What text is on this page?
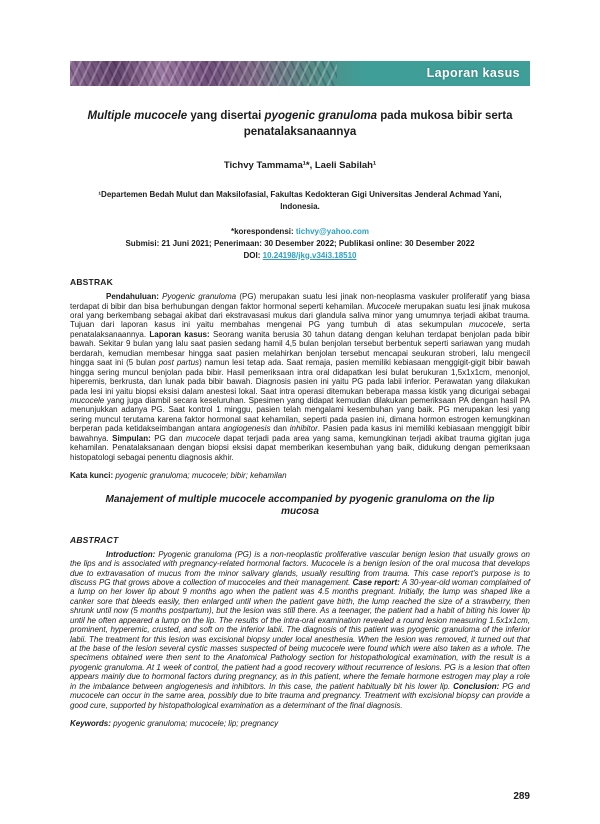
Laporan kasus
Multiple mucocele yang disertai pyogenic granuloma pada mukosa bibir serta penatalaksanaannya
Tichvy Tammama¹*, Laeli Sabilah¹
¹Departemen Bedah Mulut dan Maksilofasial, Fakultas Kedokteran Gigi Universitas Jenderal Achmad Yani, Indonesia.
*korespondensi: tichvy@yahoo.com
Submisi: 21 Juni 2021; Penerimaan: 30 Desember 2022; Publikasi online: 30 Desember 2022
DOI: 10.24198/jkg.v34i3.18510
ABSTRAK
Pendahuluan: Pyogenic granuloma (PG) merupakan suatu lesi jinak non-neoplasma vaskuler proliferatif yang biasa terdapat di bibir dan bisa berhubungan dengan faktor hormonal seperti kehamilan. Mucocele merupakan suatu lesi jinak mukosa oral yang berkembang sebagai akibat dari ekstravasasi mukus dari glandula saliva minor yang umumnya terjadi akibat trauma. Tujuan dari laporan kasus ini yaitu membahas mengenai PG yang tumbuh di atas sekumpulan mucocele, serta penatalaksanaannya. Laporan kasus: Seorang wanita berusia 30 tahun datang dengan keluhan terdapat benjolan pada bibir bawah. Sekitar 9 bulan yang lalu saat pasien sedang hamil 4,5 bulan benjolan tersebut berbentuk seperti sariawan yang mudah berdarah, kemudian membesar hingga saat pasien melahirkan benjolan tersebut mencapai seukuran stroberi, lalu mengecil hingga saat ini (5 bulan post partus) namun lesi tetap ada. Saat remaja, pasien memiliki kebiasaan menggigit-gigit bibir bawah hingga sering muncul benjolan pada bibir. Hasil pemeriksaan intra oral didapatkan lesi bulat berukuran 1,5x1x1cm, menonjol, hiperemis, berkrusta, dan lunak pada bibir bawah. Diagnosis pasien ini yaitu PG pada labii inferior. Perawatan yang dilakukan pada lesi ini yaitu biopsi eksisi dalam anestesi lokal. Saat intra operasi ditemukan beberapa massa kistik yang dicurigai sebagai mucocele yang juga diambil secara keseluruhan. Spesimen yang didapat kemudian dilakukan pemeriksaan PA dengan hasil PA menunjukkan adanya PG. Saat kontrol 1 minggu, pasien telah mengalami kesembuhan yang baik. PG merupakan lesi yang sering muncul terutama karena faktor hormonal saat kehamilan, seperti pada pasien ini, dimana hormon estrogen kemungkinan berperan pada ketidakseimbangan antara angiogenesis dan inhibitor. Pasien pada kasus ini memiliki kebiasaan menggigit bibir bawahnya. Simpulan: PG dan mucocele dapat terjadi pada area yang sama, kemungkinan terjadi akibat trauma gigitan juga kehamilan. Penatalaksanaan dengan biopsi eksisi dapat memberikan kesembuhan yang baik, didukung dengan pemeriksaan histopatologi sebagai penentu diagnosis akhir.
Kata kunci: pyogenic granuloma; mucocele; bibir; kehamilan
Manajement of multiple mucocele accompanied by pyogenic granuloma on the lip mucosa
ABSTRACT
Introduction: Pyogenic granuloma (PG) is a non-neoplastic proliferative vascular benign lesion that usually grows on the lips and is associated with pregnancy-related hormonal factors. Mucocele is a benign lesion of the oral mucosa that develops due to extravasation of mucus from the minor salivary glands, usually resulting from trauma. This case report's purpose is to discuss PG that grows above a collection of mucoceles and their management. Case report: A 30-year-old woman complained of a lump on her lower lip about 9 months ago when the patient was 4.5 months pregnant. Initially, the lump was shaped like a canker sore that bleeds easily, then enlarged until when the patient gave birth, the lump reached the size of a strawberry, then shrunk until now (5 months postpartum), but the lesion was still there. As a teenager, the patient had a habit of biting his lower lip until he often appeared a lump on the lip. The results of the intra-oral examination revealed a round lesion measuring 1.5x1x1cm, prominent, hyperemic, crusted, and soft on the inferior labii. The diagnosis of this patient was pyogenic granuloma of the inferior labii. The treatment for this lesion was excisional biopsy under local anesthesia. When the lesion was removed, it turned out that at the base of the lesion several cystic masses suspected of being mucocele were found which were also taken as a whole. The specimens obtained were then sent to the Anatomical Pathology section for histopathological examination, with the result is a pyogenic granuloma. At 1 week of control, the patient had a good recovery without recurrence of lesions. PG is a lesion that often appears mainly due to hormonal factors during pregnancy, as in this patient, where the female hormone estrogen may play a role in the imbalance between angiogenesis and inhibitors. In this case, the patient habitually bit his lower lip. Conclusion: PG and mucocele can occur in the same area, possibly due to bite trauma and pregnancy. Treatment with excisional biopsy can provide a good cure, supported by histopathological examination as a determinant of the final diagnosis.
Keywords: pyogenic granuloma; mucocele; lip; pregnancy
289
